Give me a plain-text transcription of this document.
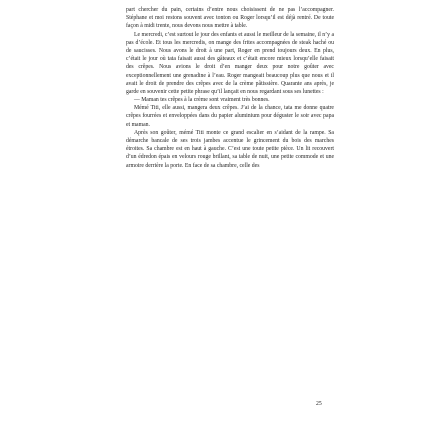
part chercher du pain, certains d’entre nous choisissent de ne pas l’accompagner. Stéphane et moi restons souvent avec tonton ou Roger lorsqu’il est déjà rentré. De toute façon à midi trente, nous devons nous mettre à table.

Le mercredi, c’est surtout le jour des enfants et aussi le meilleur de la semaine, il n’y a pas d’école. Et tous les mercredis, on mange des frites accompagnées de steak haché ou de saucisses. Nous avons le droit à une part, Roger en prend toujours deux. En plus, c’était le jour où tata faisait aussi des gâteaux et c’était encore mieux lorsqu’elle faisait des crêpes. Nous avions le droit d’en manger deux pour notre goûter avec exceptionnellement une grenadine à l’eau. Roger mangeait beaucoup plus que nous et il avait le droit de prendre des crêpes avec de la crème pâtissière. Quarante ans après, je garde en souvenir cette petite phrase qu’il lançait en nous regardant sous ses lunettes :

— Maman tes crêpes à la crème sont vraiment très bonnes.

Mémé Titi, elle aussi, mangera deux crêpes. J’ai de la chance, tata me donne quatre crêpes fourrées et enveloppées dans du papier aluminium pour déguster le soir avec papa et maman.

Après son goûter, mémé Titi monte ce grand escalier en s’aidant de la rampe. Sa démarche bancale de ses trois jambes accentue le grincement du bois des marches étroites. Sa chambre est en haut à gauche. C’est une toute petite pièce. Un lit recouvert d’un édredon épais en velours rouge brillant, sa table de nuit, une petite commode et une armoire derrière la porte. En face de sa chambre, celle des

25
